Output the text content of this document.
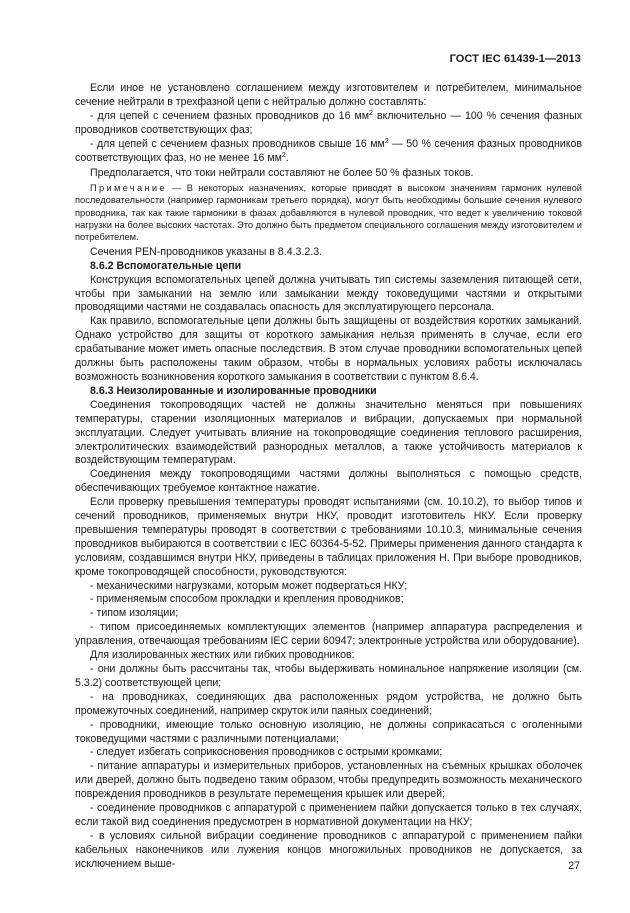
ГОСТ IEC 61439-1—2013

Если иное не установлено соглашением между изготовителем и потребителем, минимальное сечение нейтрали в трехфазной цепи с нейтралью должно составлять:

- для цепей с сечением фазных проводников до 16 $мм^2$ включительно — 100 % сечения фазных проводников соответствующих фаз;

- для цепей с сечением фазных проводников свыше 16 $мм^2$ — 50 % сечения фазных проводников соответствующих фаз, но не менее 16 $мм^2$.

Предполагается, что токи нейтрали составляют не более 50 % фазных токов.

Примечание — В некоторых назначениях, которые приводят в высоком значениям гармоник нулевой последовательности (например гармоникам третьего порядка), могут быть необходимы большие сечения нулевого проводника, так как такие гармоники в фазах добавляются в нулевой проводник, что ведет к увеличению токовой нагрузки на более высоких частотах. Это должно быть предметом специального соглашения между изготовителем и потребителем.

Сечения PEN-проводников указаны в 8.4.3.2.3.

8.6.2 Вспомогательные цепи

Конструкция вспомогательных цепей должна учитывать тип системы заземления питающей сети, чтобы при замыкании на землю или замыкании между токоведущими частями и открытыми проводящими частями не создавалась опасность для эксплуатирующего персонала.

Как правило, вспомогательные цепи должны быть защищены от воздействия коротких замыканий. Однако устройство для защиты от короткого замыкания нельзя применять в случае, если его срабатывание может иметь опасные последствия. В этом случае проводники вспомогательных цепей должны быть расположены таким образом, чтобы в нормальных условиях работы исключалась возможность возникновения короткого замыкания в соответствии с пунктом 8.6.4.

8.6.3 Неизолированные и изолированные проводники

Соединения токопроводящих частей не должны значительно меняться при повышениях температуры, старении изоляционных материалов и вибрации, допускаемых при нормальной эксплуатации. Следует учитывать влияние на токопроводящие соединения теплового расширения, электролитических взаимодействий разнородных металлов, а также устойчивость материалов к воздействующим температурам.

Соединения между токопроводящими частями должны выполняться с помощью средств, обеспечивающих требуемое контактное нажатие.

Если проверку превышения температуры проводят испытаниями (см. 10.10.2), то выбор типов и сечений проводников, применяемых внутри НКУ, проводит изготовитель НКУ. Если проверку превышения температуры проводят в соответствии с требованиями 10.10.3, минимальные сечения проводников выбираются в соответствии с IEC 60364-5-52. Примеры применения данного стандарта к условиям, создавшимся внутри НКУ, приведены в таблицах приложения Н. При выборе проводников, кроме токопроводящей способности, руководствуются:

- механическими нагрузками, которым может подвергаться НКУ;

- применяемым способом прокладки и крепления проводников;

- типом изоляции;

- типом присоединяемых комплектующих элементов (например аппаратура распределения и управления, отвечающая требованиям IEC серии 60947; электронные устройства или оборудование).

Для изолированных жестких или гибких проводников:

- они должны быть рассчитаны так, чтобы выдерживать номинальное напряжение изоляции (см. 5.3.2) соответствующей цепи;

- на проводниках, соединяющих два расположенных рядом устройства, не должно быть промежуточных соединений, например скруток или паяных соединений;

- проводники, имеющие только основную изоляцию, не должны соприкасаться с оголенными токоведущими частями с различными потенциалами;

- следует избегать соприкосновения проводников с острыми кромками;

- питание аппаратуры и измерительных приборов, установленных на съемных крышках оболочек или дверей, должно быть подведено таким образом, чтобы предупредить возможность механического повреждения проводников в результате перемещения крышек или дверей;

- соединение проводников с аппаратурой с применением пайки допускается только в тех случаях, если такой вид соединения предусмотрен в нормативной документации на НКУ;

- в условиях сильной вибрации соединение проводников с аппаратурой с применением пайки кабельных наконечников или лужения концов многожильных проводников не допускается, за исключением выше-	27
